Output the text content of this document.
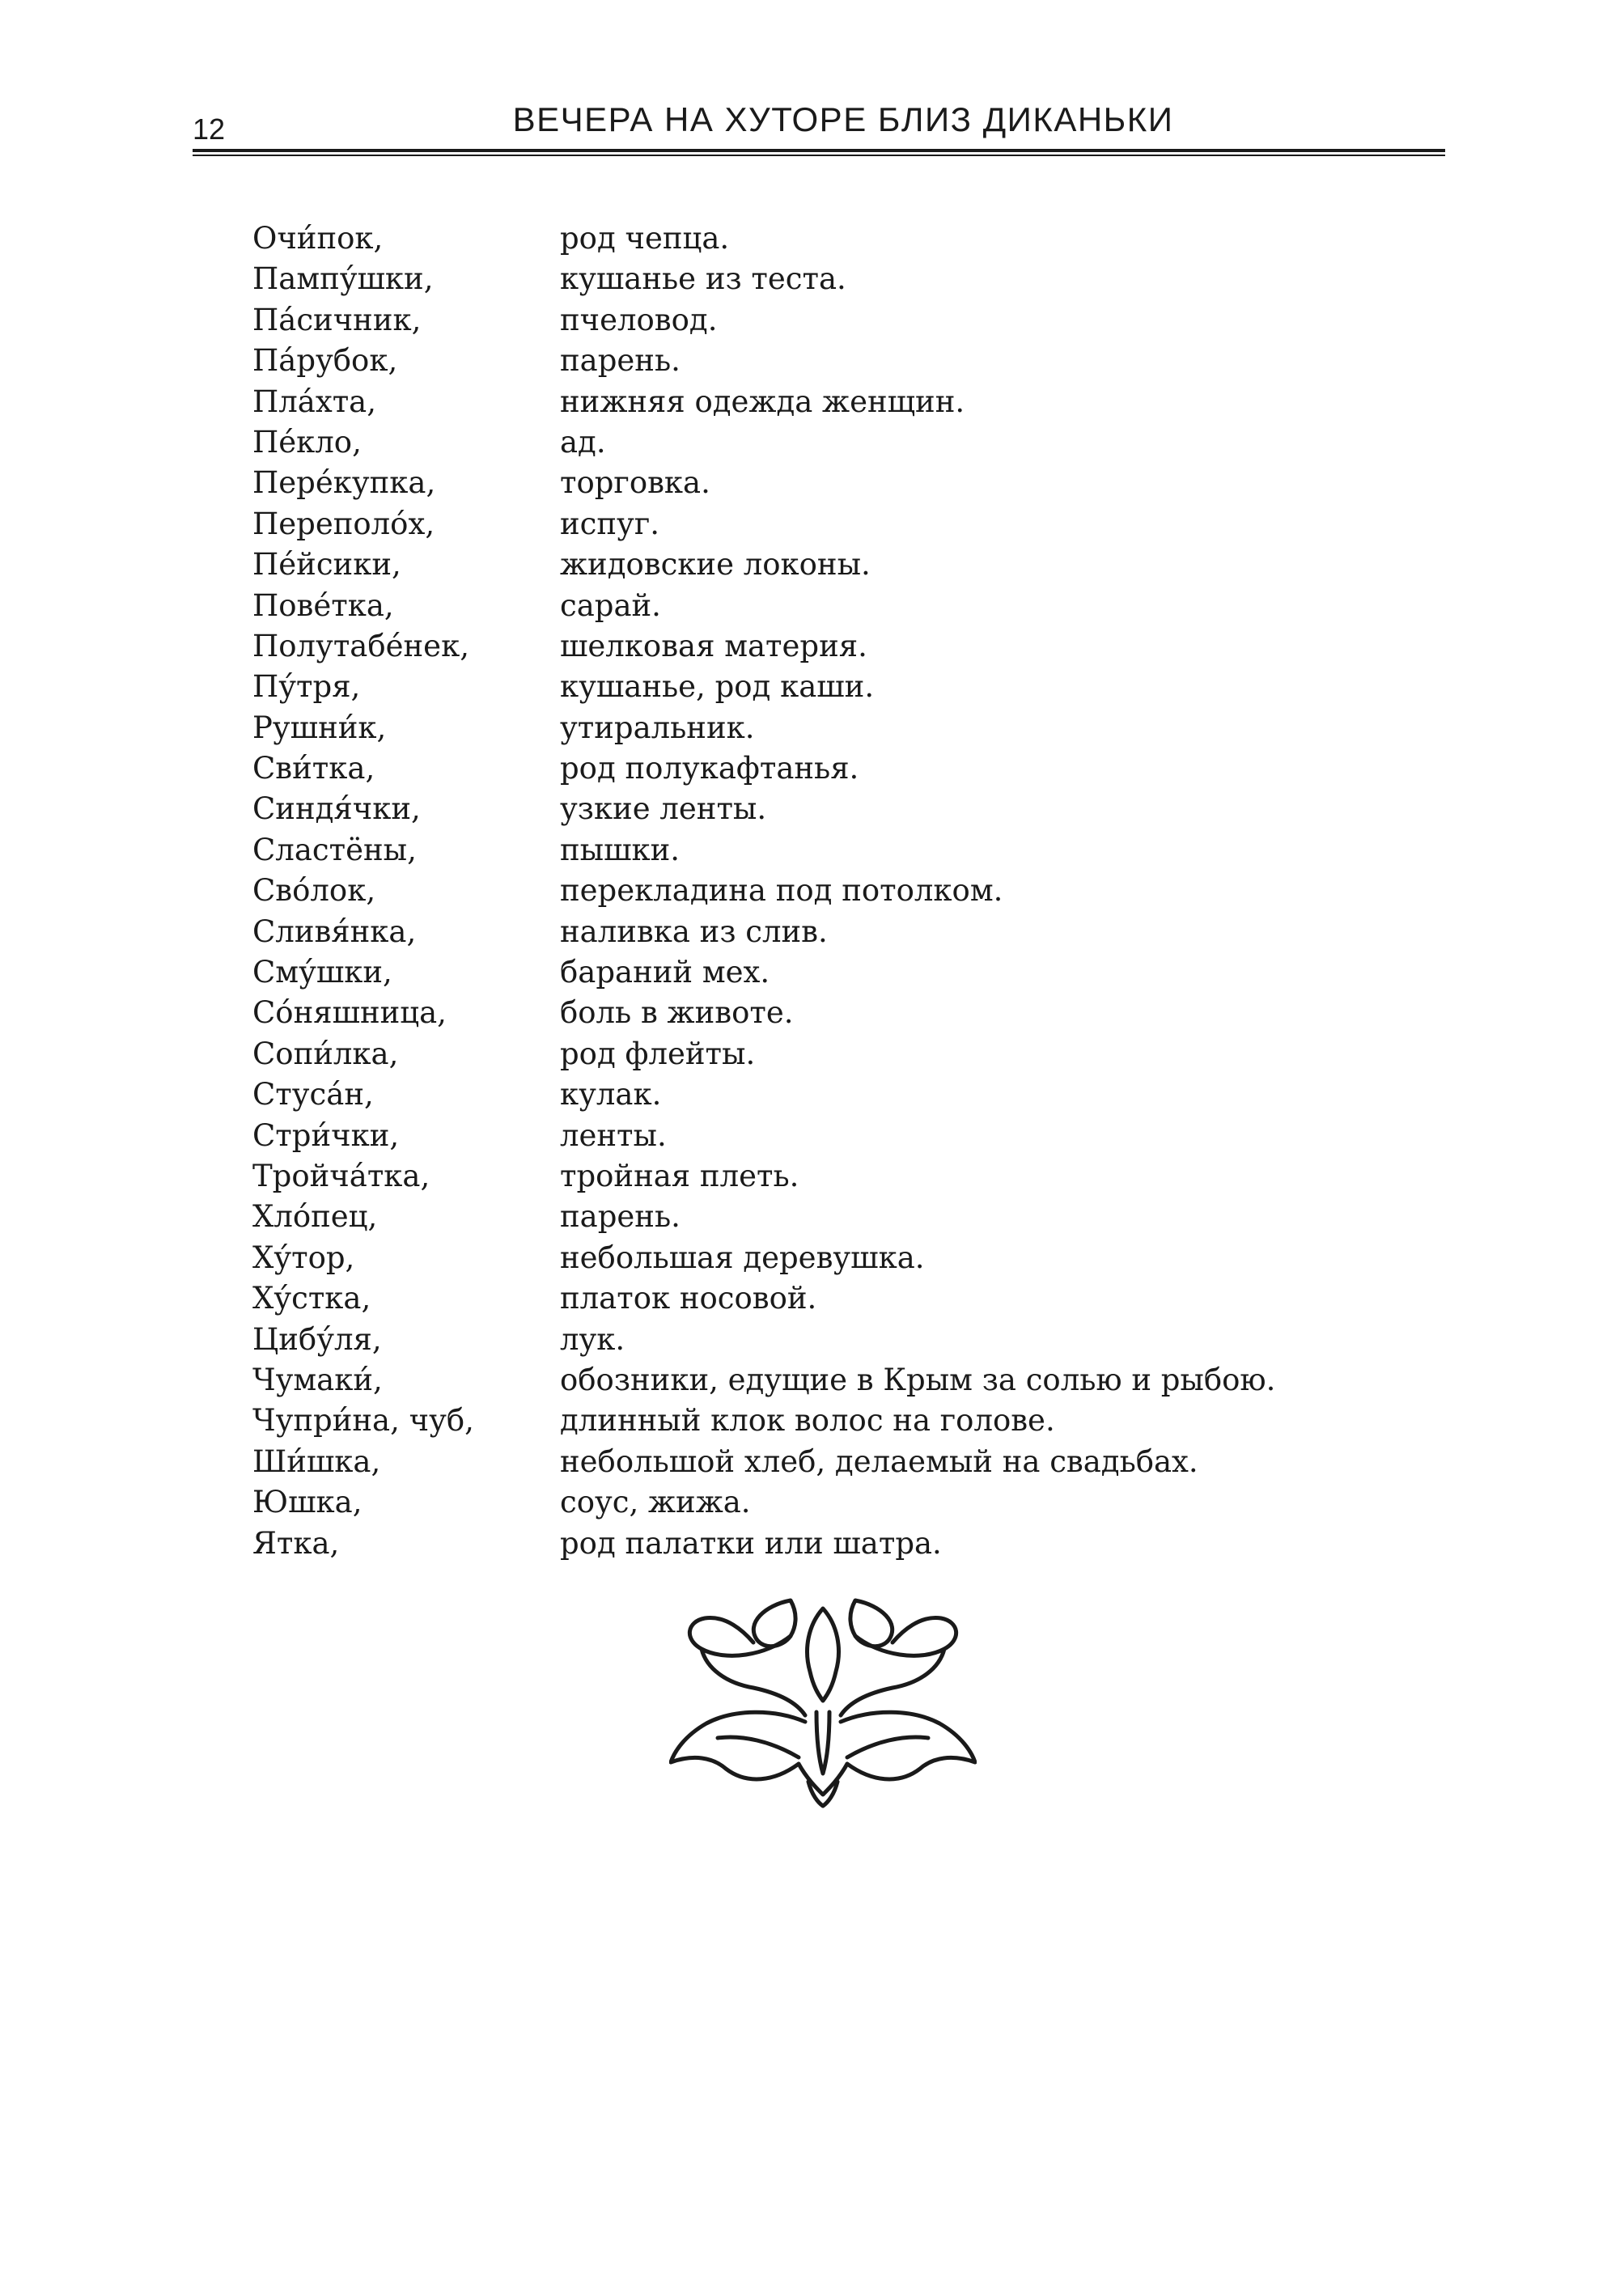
12	ВЕЧЕРА НА ХУТОРЕ БЛИЗ ДИКАНЬКИ
Очи́пок,	род чепца.
Пампу́шки,	кушанье из теста.
Па́сичник,	пчеловод.
Па́рубок,	парень.
Пла́хта,	нижняя одежда женщин.
Пе́кло,	ад.
Пере́купка,	торговка.
Переполо́х,	испуг.
Пе́йсики,	жидовские локоны.
Пове́тка,	сарай.
Полутабе́нек,	шелковая материя.
Пу́тря,	кушанье, род каши.
Рушни́к,	утиральник.
Сви́тка,	род полукафтанья.
Синдя́чки,	узкие ленты.
Сластёны,	пышки.
Сво́лок,	перекладина под потолком.
Сливя́нка,	наливка из слив.
Сму́шки,	бараний мех.
Со́няшница,	боль в животе.
Сопи́лка,	род флейты.
Стуса́н,	кулак.
Стри́чки,	ленты.
Тройча́тка,	тройная плеть.
Хло́пец,	парень.
Ху́тор,	небольшая деревушка.
Ху́стка,	платок носовой.
Цибу́ля,	лук.
Чумаки́,	обозники, едущие в Крым за солью и рыбою.
Чупри́на, чуб,	длинный клок волос на голове.
Ши́шка,	небольшой хлеб, делаемый на свадьбах.
Юшка,	соус, жижа.
Ятка,	род палатки или шатра.
